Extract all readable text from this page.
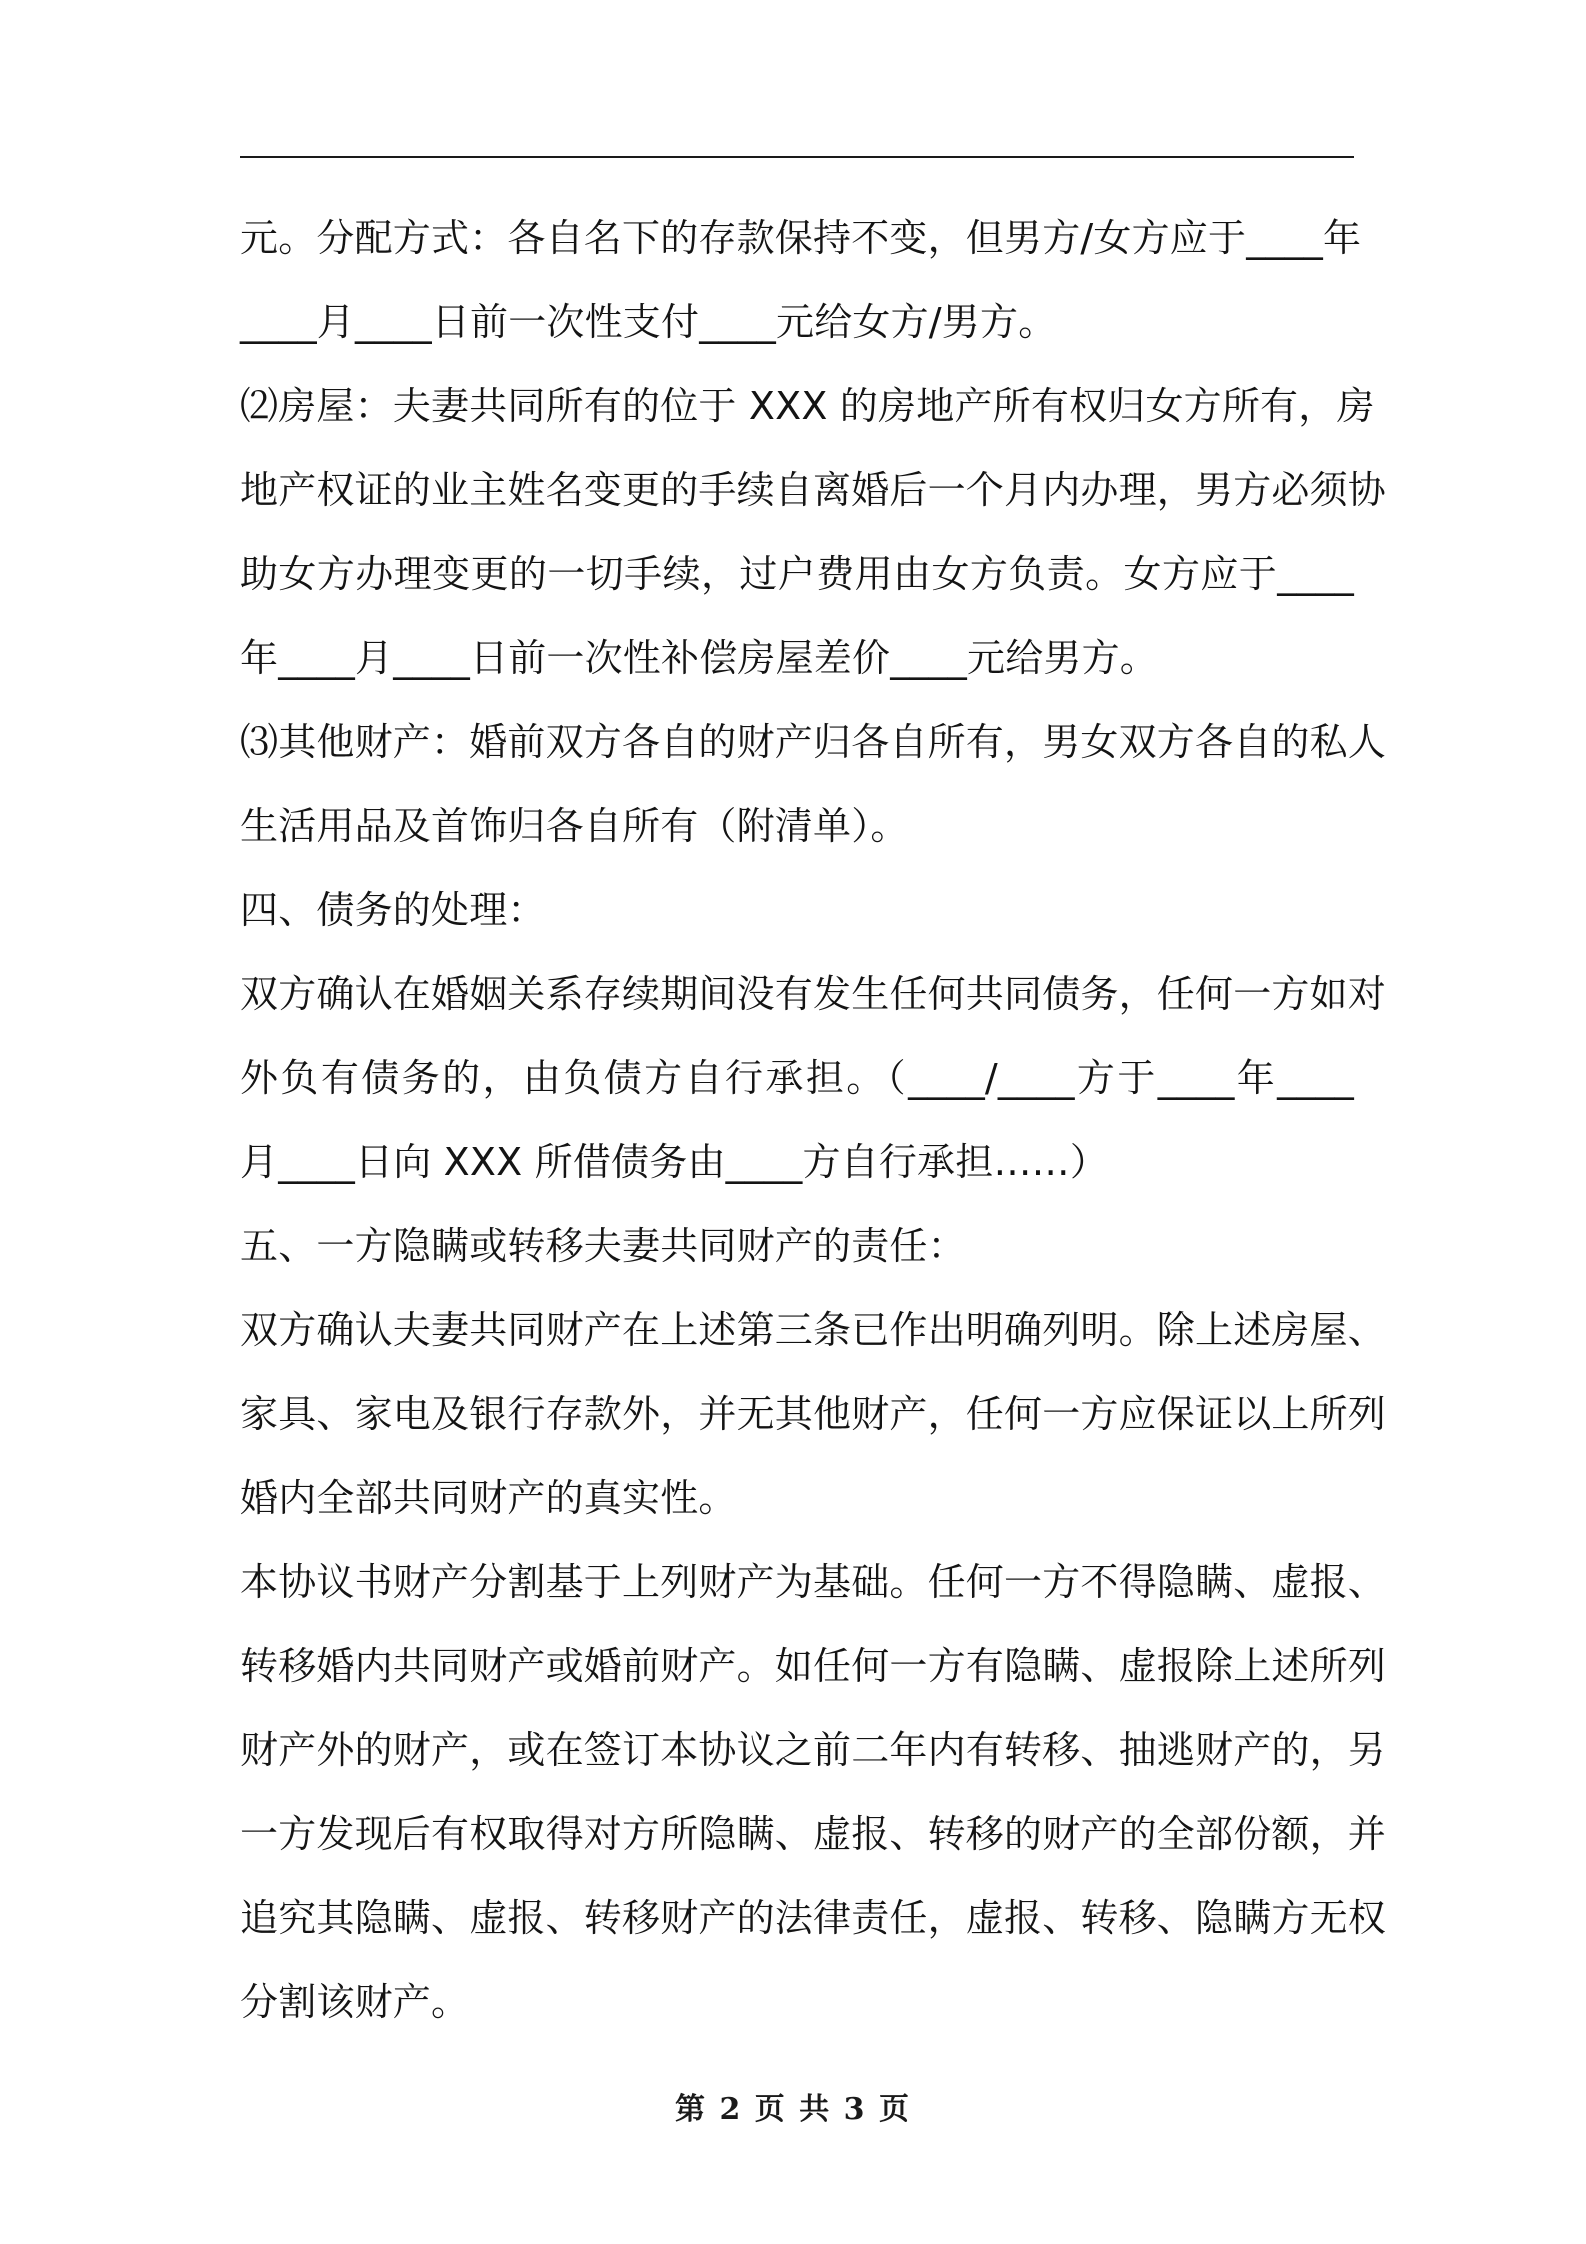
元。分配方式：各自名下的存款保持不变，但男方/女方应于____年
____月____日前一次性支付____元给女方/男方。
⑵房屋：夫妻共同所有的位于 XXX 的房地产所有权归女方所有，房
地产权证的业主姓名变更的手续自离婚后一个月内办理，男方必须协
助女方办理变更的一切手续，过户费用由女方负责。女方应于____
年____月____日前一次性补偿房屋差价____元给男方。
⑶其他财产：婚前双方各自的财产归各自所有，男女双方各自的私人
生活用品及首饰归各自所有（附清单）。
四、债务的处理：
双方确认在婚姻关系存续期间没有发生任何共同债务，任何一方如对
外负有债务的，由负债方自行承担。（____/____方于____年____
月____日向 XXX 所借债务由____方自行承担……）
五、一方隐瞒或转移夫妻共同财产的责任：
双方确认夫妻共同财产在上述第三条已作出明确列明。除上述房屋、
家具、家电及银行存款外，并无其他财产，任何一方应保证以上所列
婚内全部共同财产的真实性。
本协议书财产分割基于上列财产为基础。任何一方不得隐瞒、虚报、
转移婚内共同财产或婚前财产。如任何一方有隐瞒、虚报除上述所列
财产外的财产，或在签订本协议之前二年内有转移、抽逃财产的，另
一方发现后有权取得对方所隐瞒、虚报、转移的财产的全部份额，并
追究其隐瞒、虚报、转移财产的法律责任，虚报、转移、隐瞒方无权
分割该财产。
第 2 页 共 3 页
